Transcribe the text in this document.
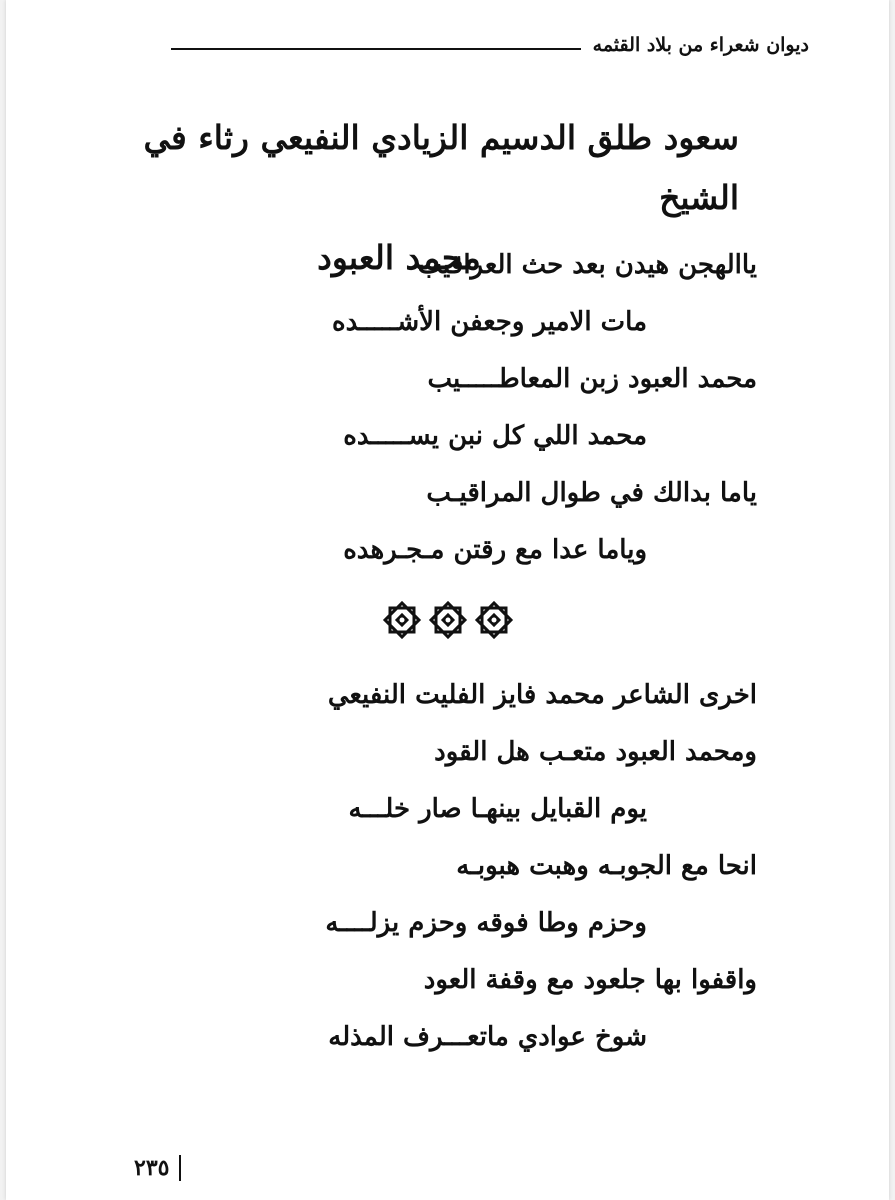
ديوان شعراء من بلاد القثمه
سعود طلق الدسيم الزيادي النفيعي رثاء في الشيخ
محمد العبود
ياالهجن هيدن بعد حث العراقيب
مات الامير وجعفن الأشـــــده
محمد العبود زبن المعاطـــــيب
محمد اللي كل نبن يســـــده
ياما بدالك في طوال المراقيـب
وياما عدا مع رقتن مـجـرهده
اخرى الشاعر محمد فايز الفليت النفيعي
ومحمد العبود متعـب هل القود
يوم القبايل بينهـا صار خلـــه
انحا مع الجوبـه وهبت هبوبـه
وحزم وطا فوقه وحزم يزلــــه
واقفوا بها جلعود مع وقفة العود
شوخ عوادي ماتعـــرف المذله
٢٣٥
